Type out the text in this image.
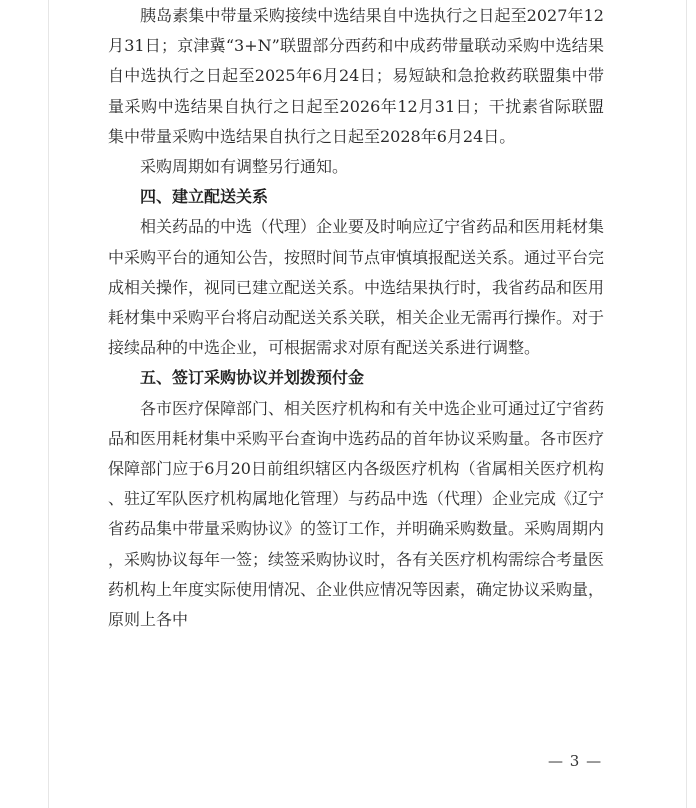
胰岛素集中带量采购接续中选结果自中选执行之日起至2027年12月31日；京津冀“3+N”联盟部分西药和中成药带量联动采购中选结果自中选执行之日起至2025年6月24日；易短缺和急抢救药联盟集中带量采购中选结果自执行之日起至2026年12月31日；干扰素省际联盟集中带量采购中选结果自执行之日起至2028年6月24日。

采购周期如有调整另行通知。

四、建立配送关系

相关药品的中选（代理）企业要及时响应辽宁省药品和医用耗材集中采购平台的通知公告，按照时间节点审慎填报配送关系。通过平台完成相关操作，视同已建立配送关系。中选结果执行时，我省药品和医用耗材集中采购平台将启动配送关系关联，相关企业无需再行操作。对于接续品种的中选企业，可根据需求对原有配送关系进行调整。

五、签订采购协议并划拨预付金

各市医疗保障部门、相关医疗机构和有关中选企业可通过辽宁省药品和医用耗材集中采购平台查询中选药品的首年协议采购量。各市医疗保障部门应于6月20日前组织辖区内各级医疗机构（省属相关医疗机构、驻辽军队医疗机构属地化管理）与药品中选（代理）企业完成《辽宁省药品集中带量采购协议》的签订工作，并明确采购数量。采购周期内，采购协议每年一签；续签采购协议时，各有关医疗机构需综合考量医药机构上年度实际使用情况、企业供应情况等因素，确定协议采购量，原则上各中

— 3 —
